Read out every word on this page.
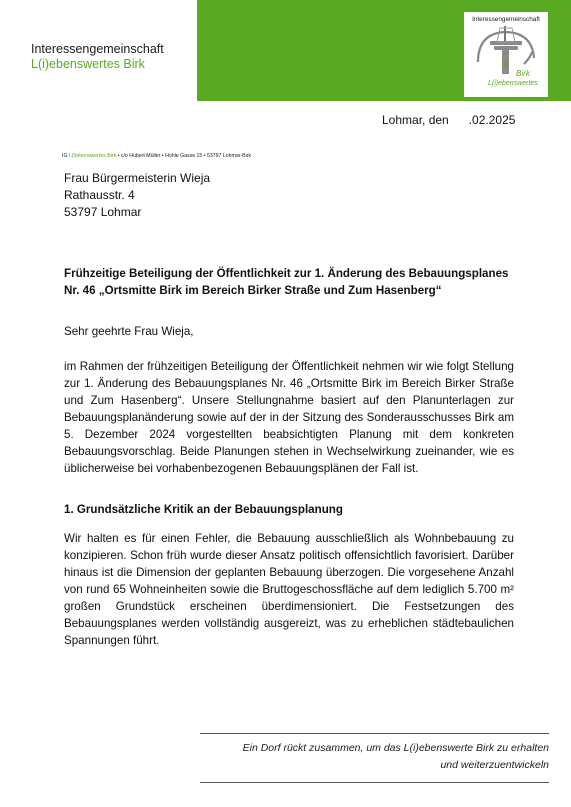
Interessengemeinschaft
L(i)ebenswertes Birk
Interessengemeinschaft
Birk
L(i)ebenswertes
Lohmar, den      .02.2025
IG L(i)ebenswertes Birk • c/o Hubert Müller • Hohle Gasse 15 • 53797 Lohmar-Birk
Frau Bürgermeisterin Wieja
Rathausstr. 4
53797 Lohmar
Frühzeitige Beteiligung der Öffentlichkeit zur 1. Änderung des Bebauungsplanes Nr. 46 „Ortsmitte Birk im Bereich Birker Straße und Zum Hasenberg“
Sehr geehrte Frau Wieja,
im Rahmen der frühzeitigen Beteiligung der Öffentlichkeit nehmen wir wie folgt Stellung zur 1. Änderung des Bebauungsplanes Nr. 46 „Ortsmitte Birk im Bereich Birker Straße und Zum Hasenberg“. Unsere Stellungnahme basiert auf den Planunterlagen zur Bebauungsplanänderung sowie auf der in der Sitzung des Sonderausschusses Birk am 5. Dezember 2024 vorgestellten beabsichtigten Planung mit dem konkreten Bebauungsvorschlag. Beide Planungen stehen in Wechselwirkung zueinander, wie es üblicherweise bei vorhabenbezogenen Bebauungsplänen der Fall ist.
1. Grundsätzliche Kritik an der Bebauungsplanung
Wir halten es für einen Fehler, die Bebauung ausschließlich als Wohnbebauung zu konzipieren. Schon früh wurde dieser Ansatz politisch offensichtlich favorisiert. Darüber hinaus ist die Dimension der geplanten Bebauung überzogen. Die vorgesehene Anzahl von rund 65 Wohneinheiten sowie die Bruttogeschossfläche auf dem lediglich 5.700 m² großen Grundstück erscheinen überdimensioniert. Die Festsetzungen des Bebauungsplanes werden vollständig ausgereizt, was zu erheblichen städtebaulichen Spannungen führt.
Ein Dorf rückt zusammen, um das L(i)ebenswerte Birk zu erhalten
und weiterzuentwickeln
